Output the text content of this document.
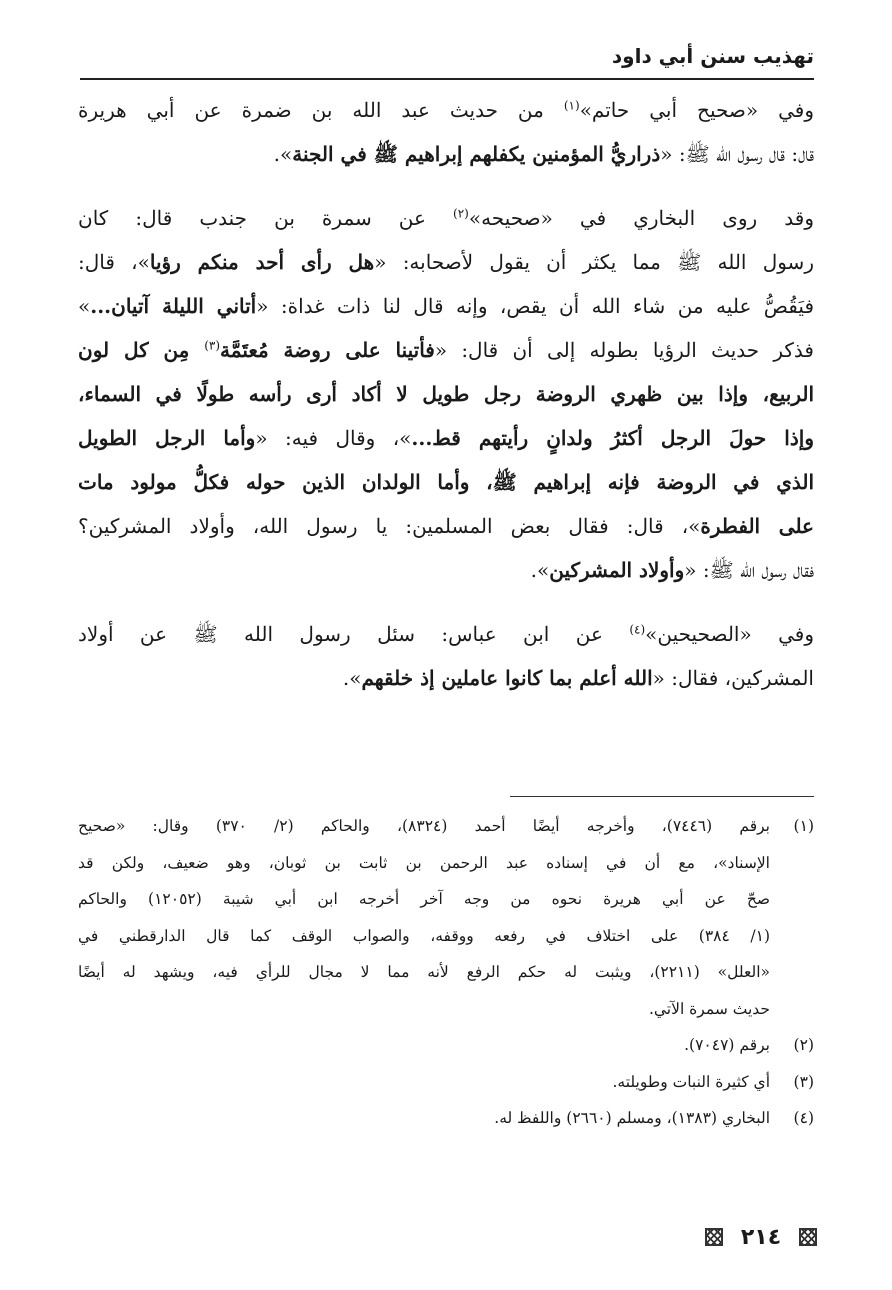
تهذيب سنن أبي داود
وفي «صحيح أبي حاتم»$^{(١)}$ من حديث عبد الله بن ضمرة عن أبي هريرة
قال: قال رسول الله ﷺ: «ذراريُّ المؤمنين يكفلهم إبراهيم ﷺ في الجنة».
وقد روى البخاري في «صحيحه»$^{(٢)}$ عن سمرة بن جندب قال: كان
رسول الله ﷺ مما يكثر أن يقول لأصحابه: «هل رأى أحد منكم رؤيا»، قال:
فيَقُصُّ عليه من شاء الله أن يقص، وإنه قال لنا ذات غداة: «أتاني الليلة آتيان...»
فذكر حديث الرؤيا بطوله إلى أن قال: «فأتينا على روضة مُعتَمَّة$^{(٣)}$ مِن كل لون
الربيع، وإذا بين ظهري الروضة رجل طويل لا أكاد أرى رأسه طولًا في السماء،
وإذا حولَ الرجل أكثرُ ولدانٍ رأيتهم قط...»، وقال فيه: «وأما الرجل الطويل
الذي في الروضة فإنه إبراهيم ﷺ، وأما الولدان الذين حوله فكلُّ مولود مات
على الفطرة»، قال: فقال بعض المسلمين: يا رسول الله، وأولاد المشركين؟
فقال رسول الله ﷺ: «وأولاد المشركين».
وفي «الصحيحين»$^{(٤)}$ عن ابن عباس: سئل رسول الله ﷺ عن أولاد
المشركين، فقال: «الله أعلم بما كانوا عاملين إذ خلقهم».
(١)
برقم (٧٤٤٦)، وأخرجه أيضًا أحمد (٨٣٢٤)، والحاكم (٢/ ٣٧٠) وقال: «صحيح
الإسناد»، مع أن في إسناده عبد الرحمن بن ثابت بن ثوبان، وهو ضعيف، ولكن قد
صحّ عن أبي هريرة نحوه من وجه آخر أخرجه ابن أبي شيبة (١٢٠٥٢) والحاكم
(١/ ٣٨٤) على اختلاف في رفعه ووقفه، والصواب الوقف كما قال الدارقطني في
«العلل» (٢٢١١)، ويثبت له حكم الرفع لأنه مما لا مجال للرأي فيه، ويشهد له أيضًا
حديث سمرة الآتي.
(٢)
برقم (٧٠٤٧).
(٣)
أي كثيرة النبات وطويلته.
(٤)
البخاري (١٣٨٣)، ومسلم (٢٦٦٠) واللفظ له.
٢١٤
